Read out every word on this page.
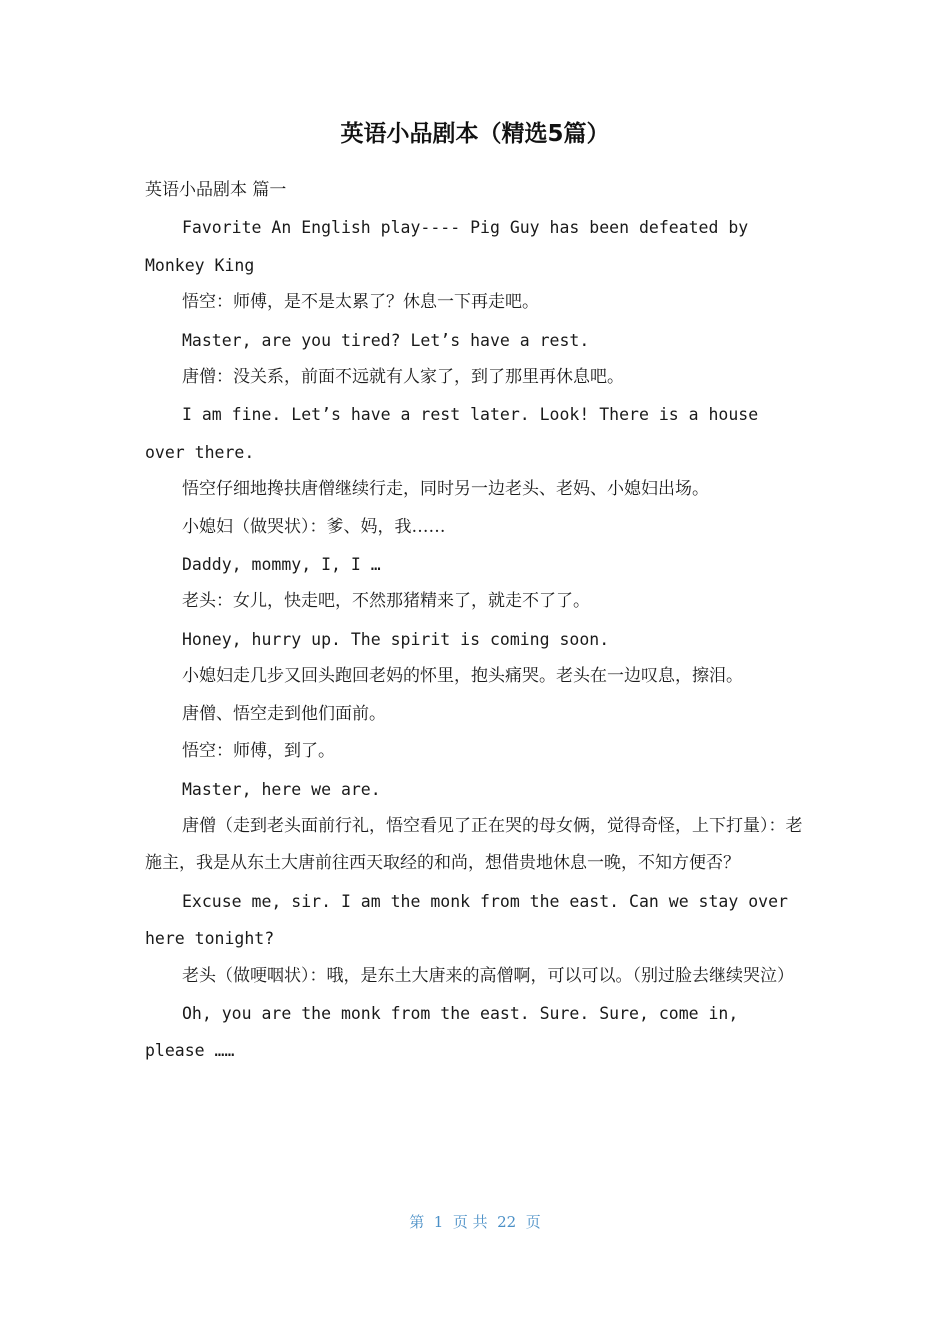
英语小品剧本（精选5篇）

英语小品剧本 篇一

Favorite An English play---- Pig Guy has been defeated by Monkey King

悟空：师傅，是不是太累了？休息一下再走吧。

Master, are you tired? Let’s have a rest.

唐僧：没关系，前面不远就有人家了，到了那里再休息吧。

I am fine. Let’s have a rest later. Look! There is a house over there.

悟空仔细地搀扶唐僧继续行走，同时另一边老头、老妈、小媳妇出场。

小媳妇（做哭状）：爹、妈，我……

Daddy, mommy, I, I …

老头：女儿，快走吧，不然那猪精来了，就走不了了。

Honey, hurry up. The spirit is coming soon.

小媳妇走几步又回头跑回老妈的怀里，抱头痛哭。老头在一边叹息，擦泪。

唐僧、悟空走到他们面前。

悟空：师傅，到了。

Master, here we are.

唐僧（走到老头面前行礼，悟空看见了正在哭的母女俩，觉得奇怪，上下打量）：老施主，我是从东土大唐前往西天取经的和尚，想借贵地休息一晚，不知方便否？

Excuse me, sir. I am the monk from the east. Can we stay over here tonight?

老头（做哽咽状）：哦，是东土大唐来的高僧啊，可以可以。（别过脸去继续哭泣）

Oh, you are the monk from the east. Sure. Sure, come in, please ……

第  1  页 共  22  页
